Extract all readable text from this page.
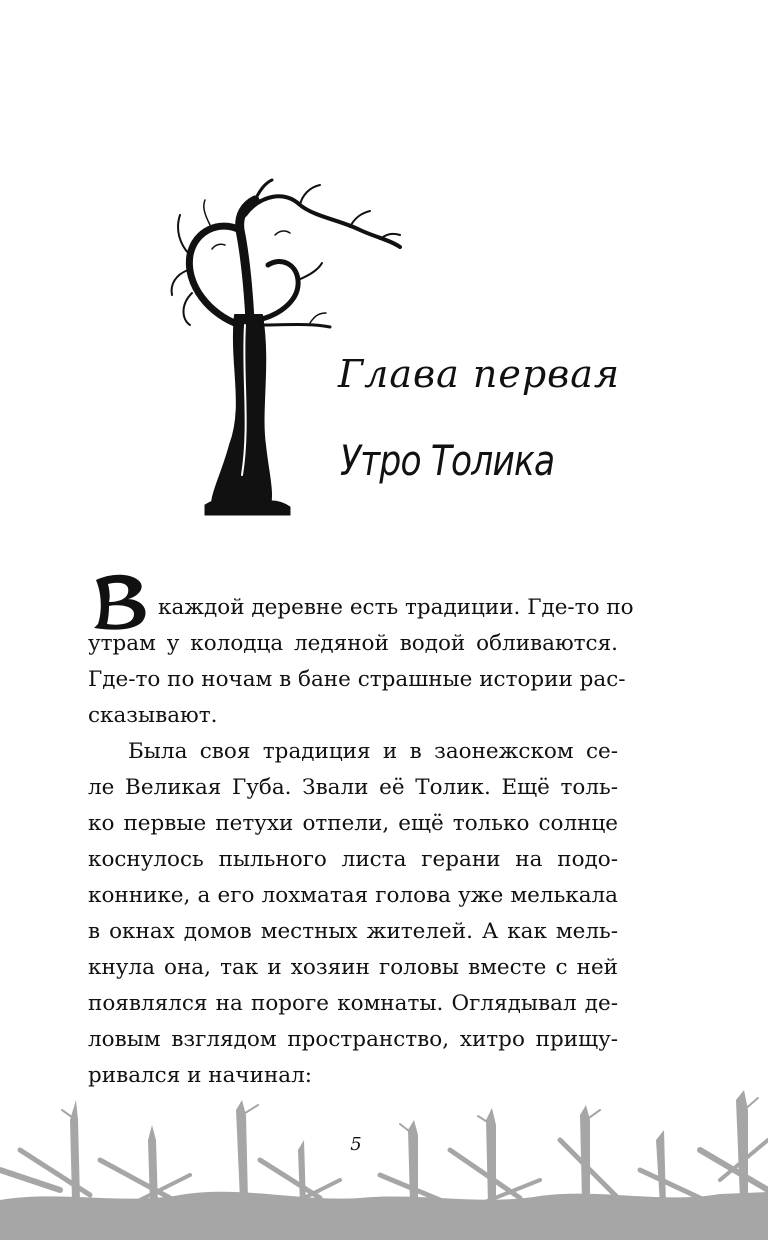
Глава первая
Утро Толика
каждой деревне есть традиции. Где-то по
утрам у колодца ледяной водой обливаются.
Где-то по ночам в бане страшные истории рас-
сказывают.
Была своя традиция и в заонежском се-
ле Великая Губа. Звали её Толик. Ещё толь-
ко первые петухи отпели, ещё только солнце
коснулось пыльного листа герани на подо-
коннике, а его лохматая голова уже мелькала
в окнах домов местных жителей. А как мель-
кнула она, так и хозяин головы вместе с ней
появлялся на пороге комнаты. Оглядывал де-
ловым взглядом пространство, хитро прищу-
ривался и начинал:
5
